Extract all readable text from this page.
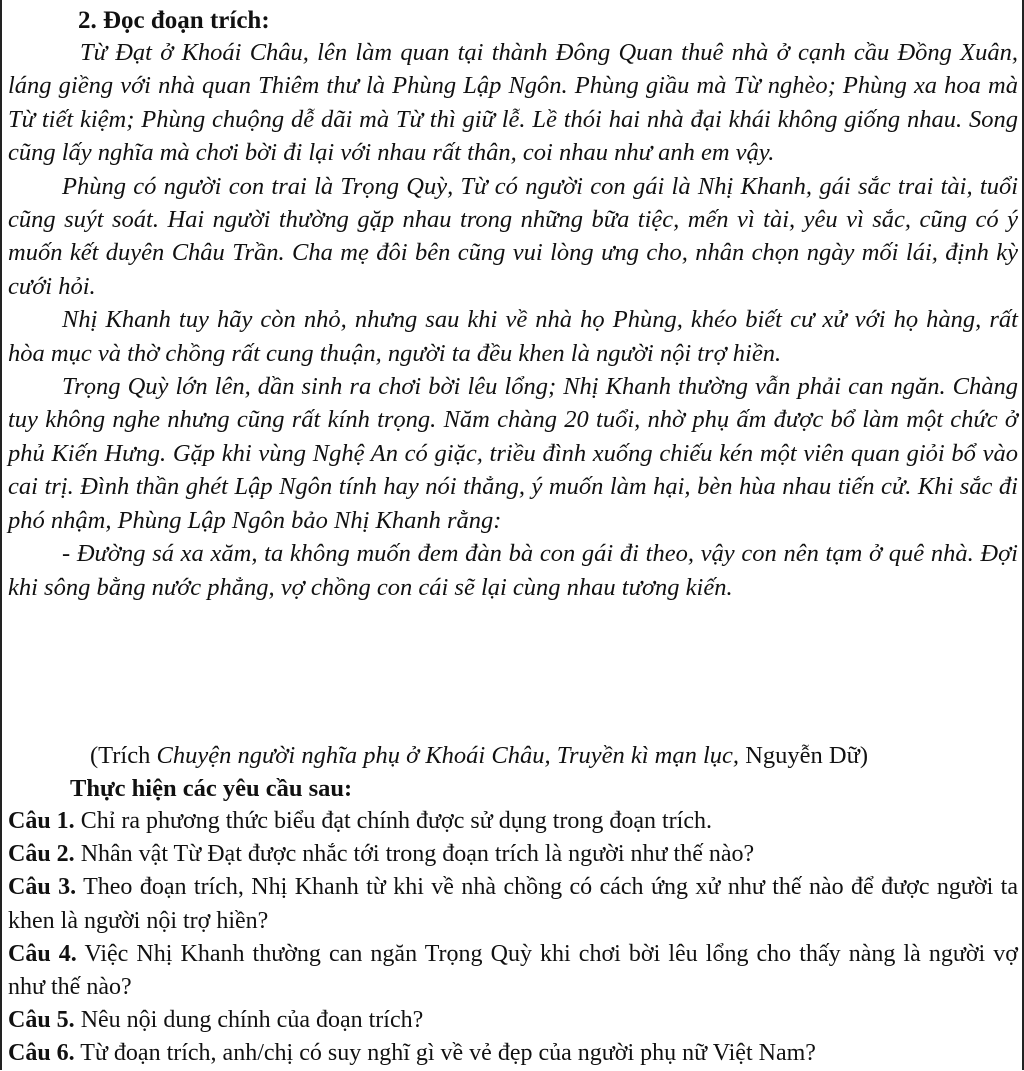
2. Đọc đoạn trích:

Từ Đạt ở Khoái Châu, lên làm quan tại thành Đông Quan thuê nhà ở cạnh cầu Đồng Xuân, láng giềng với nhà quan Thiêm thư là Phùng Lập Ngôn. Phùng giầu mà Từ nghèo; Phùng xa hoa mà Từ tiết kiệm; Phùng chuộng dễ dãi mà Từ thì giữ lễ. Lề thói hai nhà đại khái không giống nhau. Song cũng lấy nghĩa mà chơi bời đi lại với nhau rất thân, coi nhau như anh em vậy.

Phùng có người con trai là Trọng Quỳ, Từ có người con gái là Nhị Khanh, gái sắc trai tài, tuổi cũng suýt soát. Hai người thường gặp nhau trong những bữa tiệc, mến vì tài, yêu vì sắc, cũng có ý muốn kết duyên Châu Trần. Cha mẹ đôi bên cũng vui lòng ưng cho, nhân chọn ngày mối lái, định kỳ cưới hỏi.

Nhị Khanh tuy hãy còn nhỏ, nhưng sau khi về nhà họ Phùng, khéo biết cư xử với họ hàng, rất hòa mục và thờ chồng rất cung thuận, người ta đều khen là người nội trợ hiền.

Trọng Quỳ lớn lên, dần sinh ra chơi bời lêu lổng; Nhị Khanh thường vẫn phải can ngăn. Chàng tuy không nghe nhưng cũng rất kính trọng. Năm chàng 20 tuổi, nhờ phụ ấm được bổ làm một chức ở phủ Kiến Hưng. Gặp khi vùng Nghệ An có giặc, triều đình xuống chiếu kén một viên quan giỏi bổ vào cai trị. Đình thần ghét Lập Ngôn tính hay nói thẳng, ý muốn làm hại, bèn hùa nhau tiến cử. Khi sắc đi phó nhậm, Phùng Lập Ngôn bảo Nhị Khanh rằng:

- Đường sá xa xăm, ta không muốn đem đàn bà con gái đi theo, vậy con nên tạm ở quê nhà. Đợi khi sông bằng nước phẳng, vợ chồng con cái sẽ lại cùng nhau tương kiến.

(Trích Chuyện người nghĩa phụ ở Khoái Châu, Truyền kì mạn lục, Nguyễn Dữ)
Thực hiện các yêu cầu sau:

Câu 1. Chỉ ra phương thức biểu đạt chính được sử dụng trong đoạn trích.

Câu 2. Nhân vật Từ Đạt được nhắc tới trong đoạn trích là người như thế nào?

Câu 3. Theo đoạn trích, Nhị Khanh từ khi về nhà chồng có cách ứng xử như thế nào để được người ta khen là người nội trợ hiền?

Câu 4. Việc Nhị Khanh thường can ngăn Trọng Quỳ khi chơi bời lêu lổng cho thấy nàng là người vợ như thế nào?

Câu 5. Nêu nội dung chính của đoạn trích?

Câu 6. Từ đoạn trích, anh/chị có suy nghĩ gì về vẻ đẹp của người phụ nữ Việt Nam?
